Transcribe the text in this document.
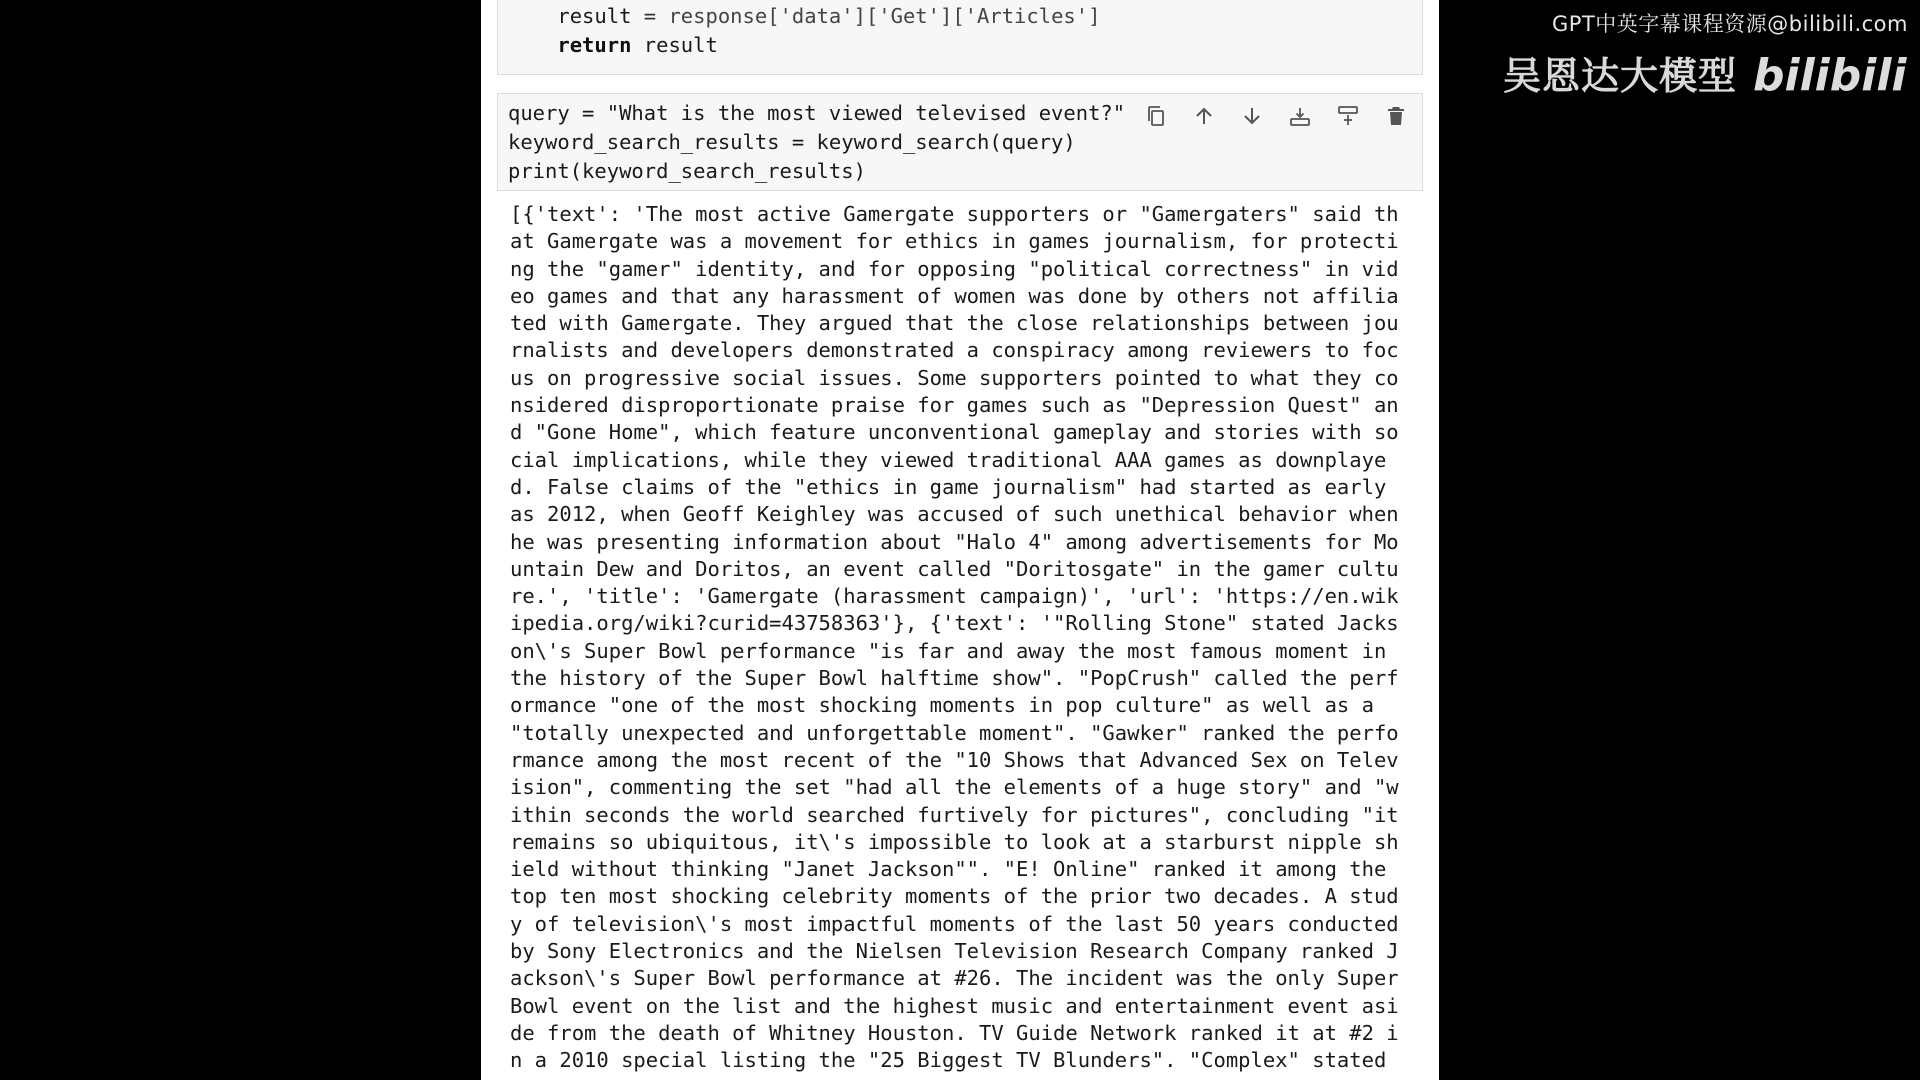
result = response['data']['Get']['Articles']
return result
query = "What is the most viewed televised event?"
keyword_search_results = keyword_search(query)
print(keyword_search_results)
[{'text': 'The most active Gamergate supporters or "Gamergaters" said th
at Gamergate was a movement for ethics in games journalism, for protecti
ng the "gamer" identity, and for opposing "political correctness" in vid
eo games and that any harassment of women was done by others not affilia
ted with Gamergate. They argued that the close relationships between jou
rnalists and developers demonstrated a conspiracy among reviewers to foc
us on progressive social issues. Some supporters pointed to what they co
nsidered disproportionate praise for games such as "Depression Quest" an
d "Gone Home", which feature unconventional gameplay and stories with so
cial implications, while they viewed traditional AAA games as downplaye
d. False claims of the "ethics in game journalism" had started as early
as 2012, when Geoff Keighley was accused of such unethical behavior when
he was presenting information about "Halo 4" among advertisements for Mo
untain Dew and Doritos, an event called "Doritosgate" in the gamer cultu
re.', 'title': 'Gamergate (harassment campaign)', 'url': 'https://en.wik
ipedia.org/wiki?curid=43758363'}, {'text': '"Rolling Stone" stated Jacks
on\'s Super Bowl performance "is far and away the most famous moment in
the history of the Super Bowl halftime show". "PopCrush" called the perf
ormance "one of the most shocking moments in pop culture" as well as a
"totally unexpected and unforgettable moment". "Gawker" ranked the perfo
rmance among the most recent of the "10 Shows that Advanced Sex on Telev
ision", commenting the set "had all the elements of a huge story" and "w
ithin seconds the world searched furtively for pictures", concluding "it
remains so ubiquitous, it\'s impossible to look at a starburst nipple sh
ield without thinking "Janet Jackson"". "E! Online" ranked it among the
top ten most shocking celebrity moments of the prior two decades. A stud
y of television\'s most impactful moments of the last 50 years conducted
by Sony Electronics and the Nielsen Television Research Company ranked J
ackson\'s Super Bowl performance at #26. The incident was the only Super
Bowl event on the list and the highest music and entertainment event asi
de from the death of Whitney Houston. TV Guide Network ranked it at #2 i
n a 2010 special listing the "25 Biggest TV Blunders". "Complex" stated
GPT中英字幕课程资源@bilibili.com
吴恩达大模型 bilibili
